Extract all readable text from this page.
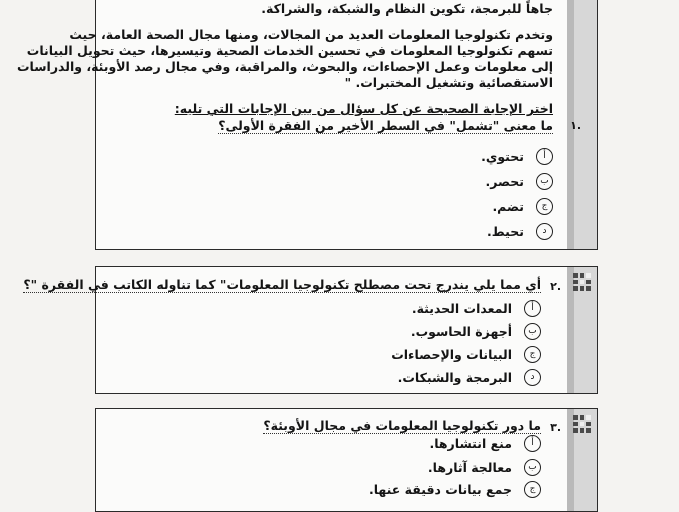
جاهاً للبرمجة، تكوين النظام والشبكة، والشراكة.
وتخدم تكنولوجيا المعلومات العديد من المجالات، ومنها مجال الصحة العامة، حيث
تسهم تكنولوجيا المعلومات في تحسين الخدمات الصحية وتيسيرها، حيث تحويل البيانات
إلى معلومات وعمل الإحصاءات، والبحوث، والمراقبة، وفي مجال رصد الأوبئة، والدراسات
الاستقصائية وتشغيل المختبرات. "
اختر الإجابة الصحيحة عن كل سؤال من بين الإجابات التي تليه:
١.
ما معنى "تشمل" في السطر الأخير من الفقرة الأولى؟
أتحتوي.
بتحصر.
جتضم.
دتحيط.
٢.
أي مما يلي يندرج تحت مصطلح تكنولوجيا المعلومات" كما تناوله الكاتب في الفقرة "؟
أالمعدات الحديثة.
بأجهزة الحاسوب.
جالبيانات والإحصاءات
دالبرمجة والشبكات.
٣.
ما دور تكنولوجيا المعلومات في مجال الأوبئة؟
أمنع انتشارها.
بمعالجة آثارها.
ججمع بيانات دقيقة عنها.
